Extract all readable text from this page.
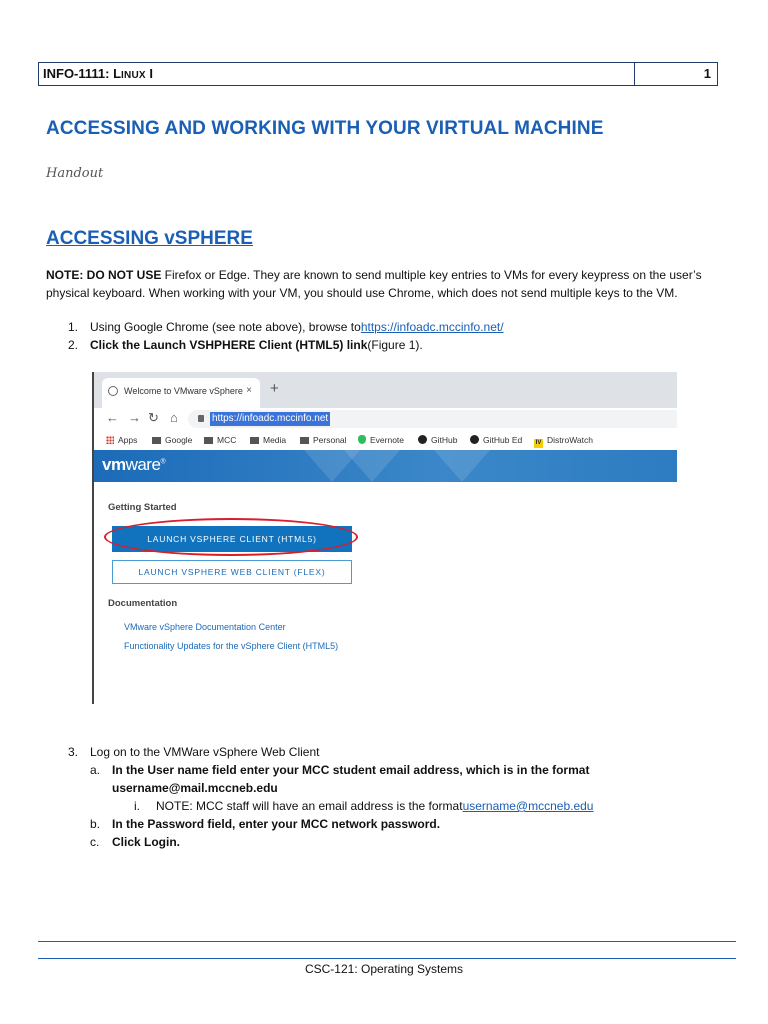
INFO-1111: LINUX I	1
ACCESSING AND WORKING WITH YOUR VIRTUAL MACHINE
Handout
ACCESSING vSPHERE
NOTE: DO NOT USE Firefox or Edge. They are known to send multiple key entries to VMs for every keypress on the user’s physical keyboard. When working with your VM, you should use Chrome, which does not send multiple keys to the VM.
1. Using Google Chrome (see note above), browse to https://infoadc.mccinfo.net/
2. Click the Launch VSHPHERE Client (HTML5) link (Figure 1).
Welcome to VMware vSphere × +
← → ↻ ⌂	https://infoadc.mccinfo.net
Apps	Google	MCC	Media	Personal	Evernote	GitHub	GitHub Ed IV DistroWatch
vmware®
Getting Started
LAUNCH VSPHERE CLIENT (HTML5)
LAUNCH VSPHERE WEB CLIENT (FLEX)
Documentation
VMware vSphere Documentation Center
Functionality Updates for the vSphere Client (HTML5)
3. Log on to the VMWare vSphere Web Client
a. In the User name field enter your MCC student email address, which is in the format
username@mail.mccneb.edu
i.	NOTE: MCC staff will have an email address is the format username@mccneb.edu
b. In the Password field, enter your MCC network password.
c.	Click Login.
CSC-121: Operating Systems
